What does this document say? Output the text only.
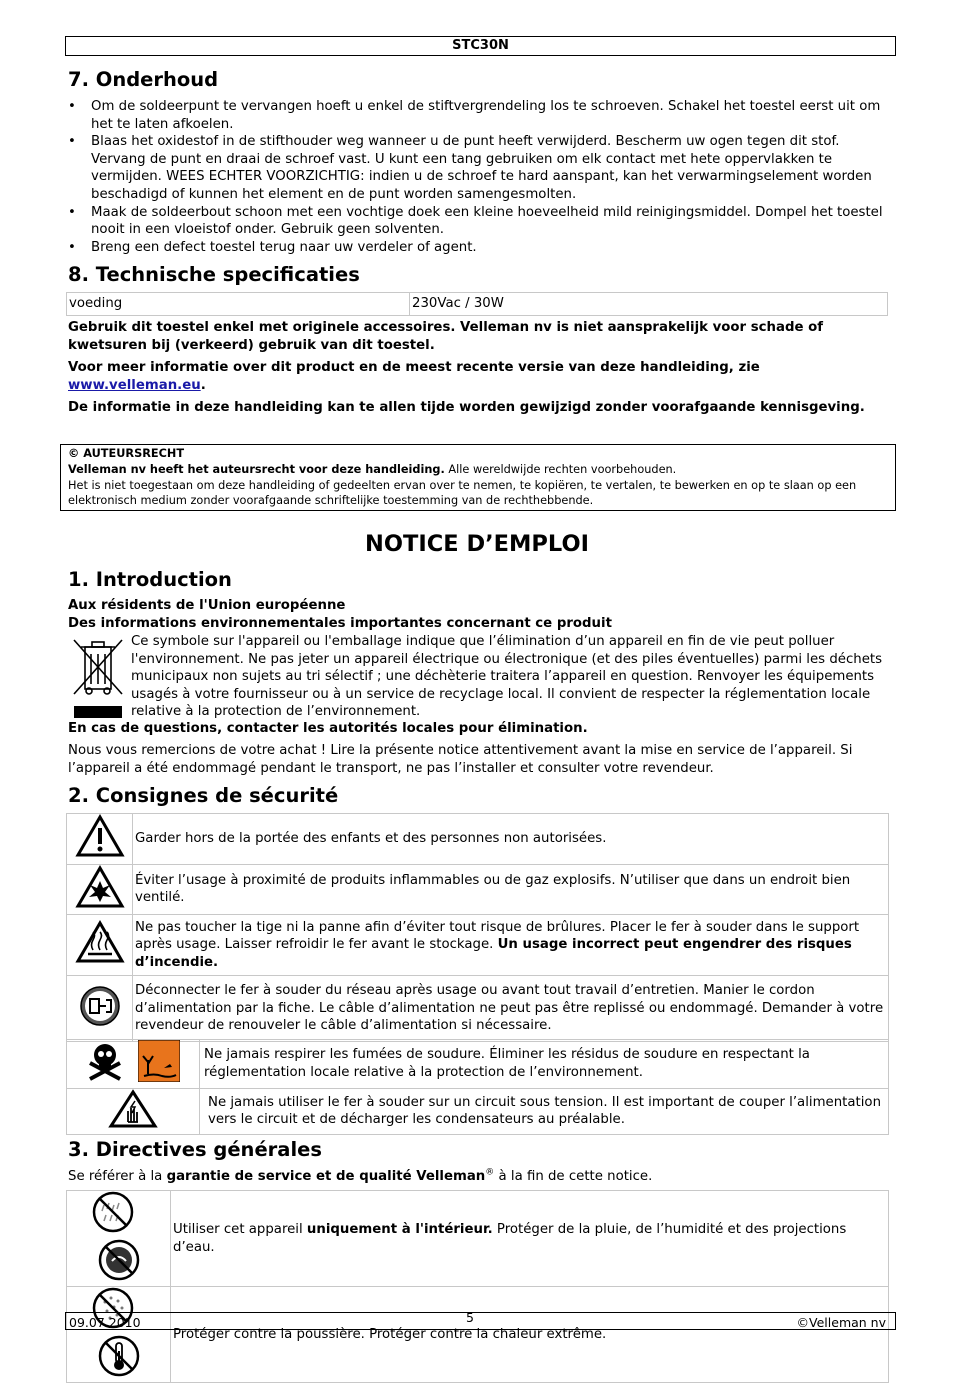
STC30N
7. Onderhoud
• Om de soldeerpunt te vervangen hoeft u enkel de stiftvergrendeling los te schroeven. Schakel het toestel eerst uit om het te laten afkoelen.
• Blaas het oxidestof in de stifthouder weg wanneer u de punt heeft verwijderd. Bescherm uw ogen tegen dit stof. Vervang de punt en draai de schroef vast. U kunt een tang gebruiken om elk contact met hete oppervlakken te vermijden. WEES ECHTER VOORZICHTIG: indien u de schroef te hard aanspant, kan het verwarmingselement worden beschadigd of kunnen het element en de punt worden samengesmolten.
• Maak de soldeerbout schoon met een vochtige doek een kleine hoeveelheid mild reinigingsmiddel. Dompel het toestel nooit in een vloeistof onder. Gebruik geen solventen.
• Breng een defect toestel terug naar uw verdeler of agent.
8. Technische specificaties
voeding	230Vac / 30W

Gebruik dit toestel enkel met originele accessoires. Velleman nv is niet aansprakelijk voor schade of kwetsuren bij (verkeerd) gebruik van dit toestel.

Voor meer informatie over dit product en de meest recente versie van deze handleiding, zie www.velleman.eu.

De informatie in deze handleiding kan te allen tijde worden gewijzigd zonder voorafgaande kennisgeving.

© AUTEURSRECHT
Velleman nv heeft het auteursrecht voor deze handleiding. Alle wereldwijde rechten voorbehouden.
Het is niet toegestaan om deze handleiding of gedeelten ervan over te nemen, te kopiëren, te vertalen, te bewerken en op te slaan op een elektronisch medium zonder voorafgaande schriftelijke toestemming van de rechthebbende.
NOTICE D’EMPLOI
1. Introduction

Aux résidents de l'Union européenne

Des informations environnementales importantes concernant ce produit

Ce symbole sur l'appareil ou l'emballage indique que l’élimination d’un appareil en fin de vie peut polluer l'environnement. Ne pas jeter un appareil électrique ou électronique (et des piles éventuelles) parmi les déchets municipaux non sujets au tri sélectif ; une déchèterie traitera l’appareil en question. Renvoyer les équipements usagés à votre fournisseur ou à un service de recyclage local. Il convient de respecter la réglementation locale relative à la protection de l’environnement.

En cas de questions, contacter les autorités locales pour élimination.

Nous vous remercions de votre achat ! Lire la présente notice attentivement avant la mise en service de l’appareil. Si l’appareil a été endommagé pendant le transport, ne pas l’installer et consulter votre revendeur.

2. Consignes de sécurité
	Garder hors de la portée des enfants et des personnes non autorisées.
	Éviter l’usage à proximité de produits inflammables ou de gaz explosifs. N’utiliser que dans un endroit bien ventilé.
	Ne pas toucher la tige ni la panne afin d’éviter tout risque de brûlures. Placer le fer à souder dans le support après usage. Laisser refroidir le fer avant le stockage. Un usage incorrect peut engendrer des risques d’incendie.
	Déconnecter le fer à souder du réseau après usage ou avant tout travail d’entretien. Manier le cordon d’alimentation par la fiche. Le câble d’alimentation ne peut pas être replissé ou endommagé. Demander à votre revendeur de renouveler le câble d’alimentation si nécessaire.
	Ne jamais respirer les fumées de soudure. Éliminer les résidus de soudure en respectant la réglementation locale relative à la protection de l’environnement.
	Ne jamais utiliser le fer à souder sur un circuit sous tension. Il est important de couper l’alimentation vers le circuit et de décharger les condensateurs au préalable.
3. Directives générales

Se référer à la garantie de service et de qualité Velleman® à la fin de cette notice.

	Utiliser cet appareil uniquement à l'intérieur. Protéger de la pluie, de l’humidité et des projections d’eau.
	Protéger contre la poussière. Protéger contre la chaleur extrême.
09.07.2010	5	©Velleman nv
